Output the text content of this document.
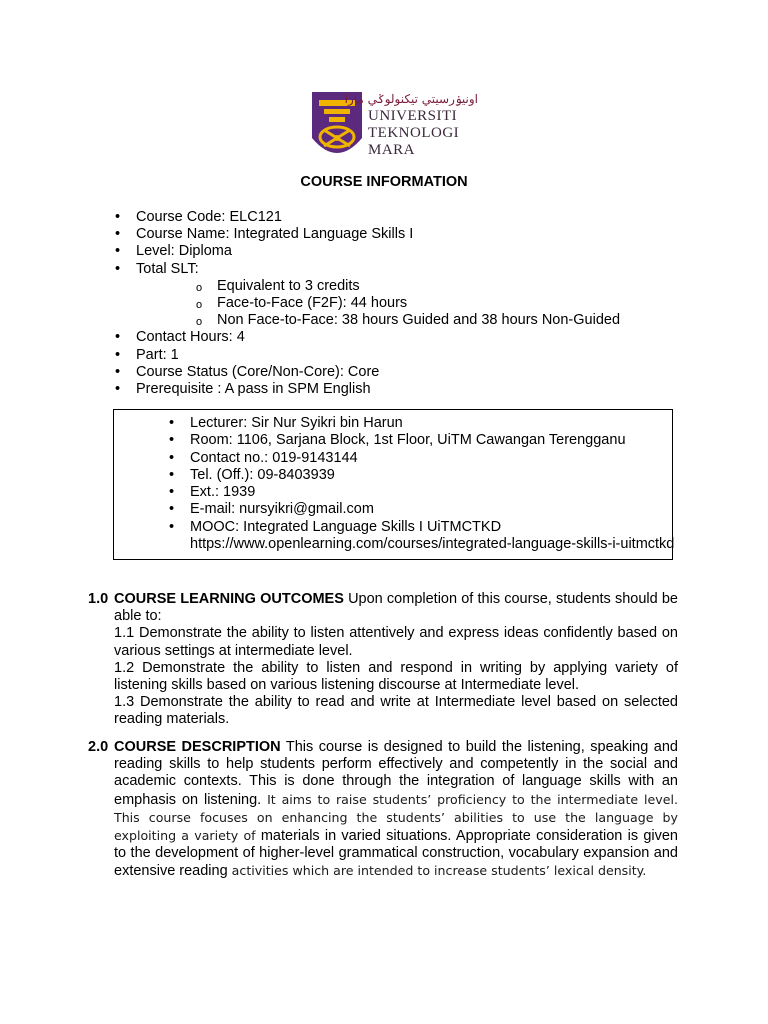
اونيۏرسيتي تيكنولوݢي مارا
UNIVERSITI
TEKNOLOGI
MARA
COURSE INFORMATION
• Course Code: ELC121
• Course Name: Integrated Language Skills I
• Level: Diploma
• Total SLT:
o Equivalent to 3 credits
o Face-to-Face (F2F): 44 hours
o Non Face-to-Face: 38 hours Guided and 38 hours Non-Guided
• Contact Hours: 4
• Part: 1
• Course Status (Core/Non-Core): Core
• Prerequisite : A pass in SPM English
• Lecturer: Sir Nur Syikri bin Harun
• Room: 1106, Sarjana Block, 1st Floor, UiTM Cawangan Terengganu
• Contact no.: 019-9143144
• Tel. (Off.): 09-8403939
• Ext.: 1939
• E-mail: nursyikri@gmail.com
• MOOC: Integrated Language Skills I UiTMCTKD
https://www.openlearning.com/courses/integrated-language-skills-i-uitmctkd
1.0 COURSE LEARNING OUTCOMES Upon completion of this course, students should be able to:

1.1 Demonstrate the ability to listen attentively and express ideas confidently based on various settings at intermediate level.

1.2 Demonstrate the ability to listen and respond in writing by applying variety of listening skills based on various listening discourse at Intermediate level.

1.3 Demonstrate the ability to read and write at Intermediate level based on selected reading materials.

2.0 COURSE DESCRIPTION This course is designed to build the listening, speaking and reading skills to help students perform effectively and competently in the social and academic contexts. This is done through the integration of language skills with an emphasis on listening. It aims to raise students’ proficiency to the intermediate level. This course focuses on enhancing the students’ abilities to use the language by exploiting a variety of materials in varied situations. Appropriate consideration is given to the development of higher-level grammatical construction, vocabulary expansion and extensive reading activities which are intended to increase students’ lexical density.
